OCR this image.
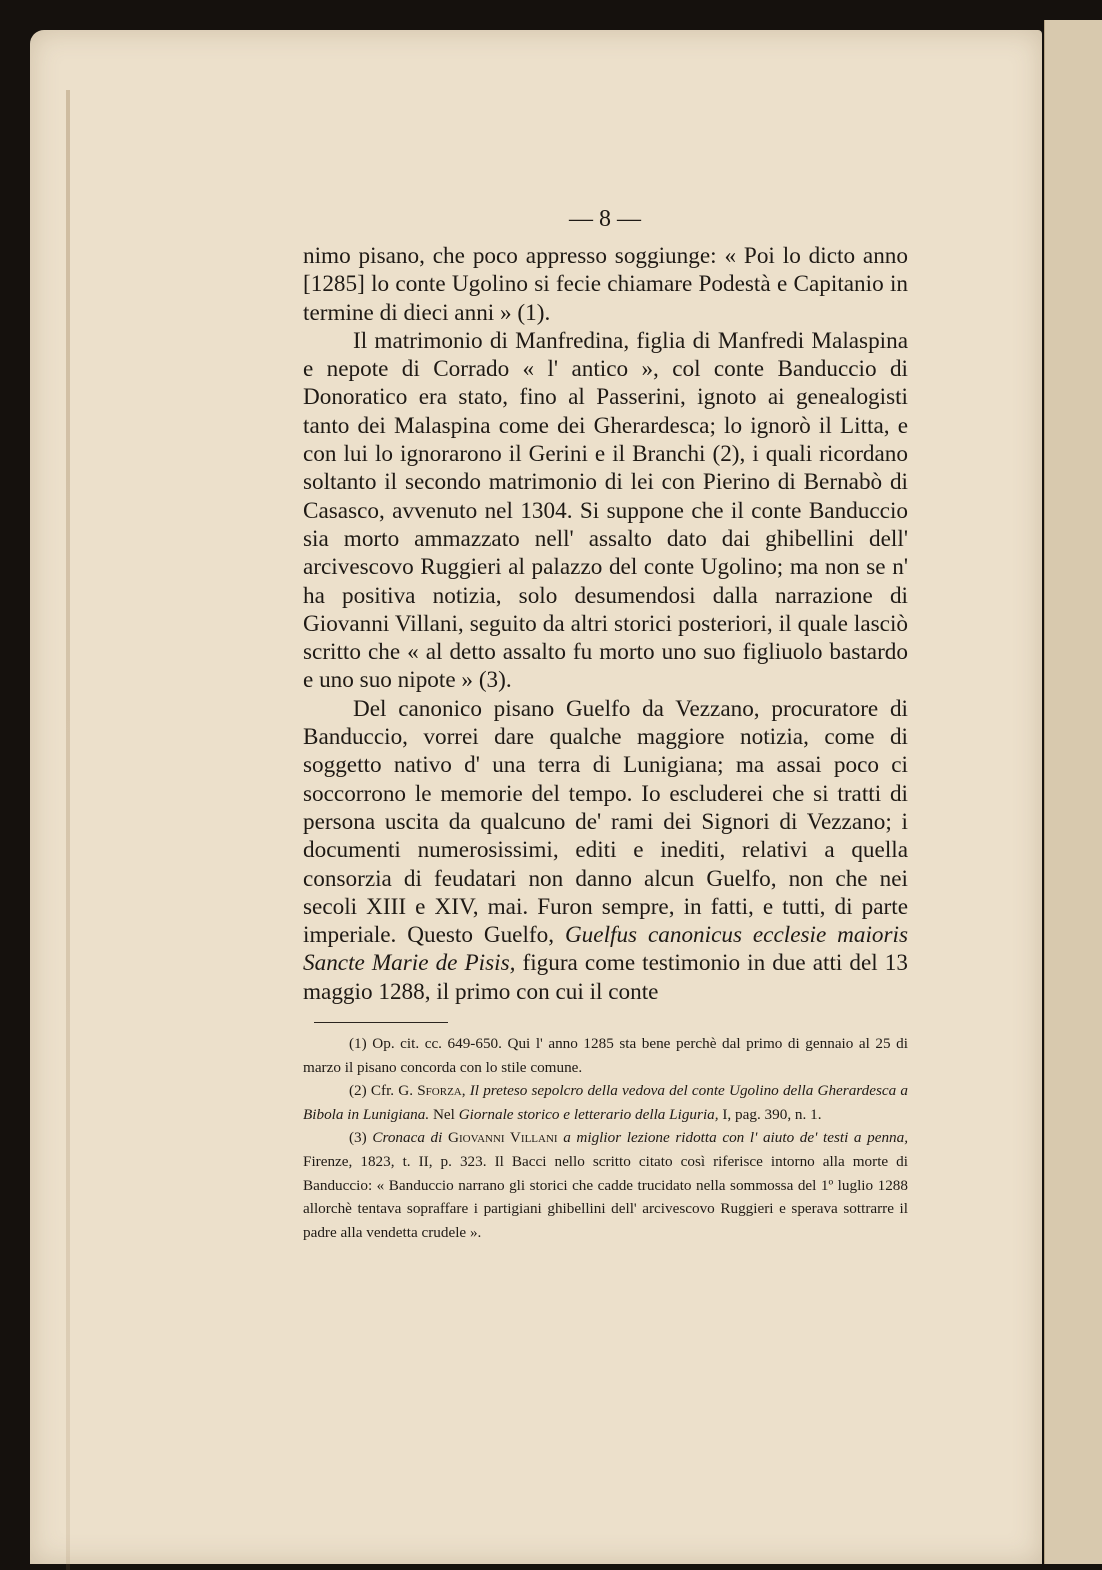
— 8 —

nimo pisano, che poco appresso soggiunge: « Poi lo dicto anno [1285] lo conte Ugolino si fecie chiamare Podestà e Capitanio in termine di dieci anni » (1).

Il matrimonio di Manfredina, figlia di Manfredi Malaspina e nepote di Corrado « l' antico », col conte Banduccio di Donoratico era stato, fino al Passerini, ignoto ai genealogisti tanto dei Malaspina come dei Gherardesca; lo ignorò il Litta, e con lui lo ignorarono il Gerini e il Branchi (2), i quali ricordano soltanto il secondo matrimonio di lei con Pierino di Bernabò di Casasco, avvenuto nel 1304. Si suppone che il conte Banduccio sia morto ammazzato nell' assalto dato dai ghibellini dell' arcivescovo Ruggieri al palazzo del conte Ugolino; ma non se n' ha positiva notizia, solo desumendosi dalla narrazione di Giovanni Villani, seguito da altri storici posteriori, il quale lasciò scritto che « al detto assalto fu morto uno suo figliuolo bastardo e uno suo nipote » (3).

Del canonico pisano Guelfo da Vezzano, procuratore di Banduccio, vorrei dare qualche maggiore notizia, come di soggetto nativo d' una terra di Lunigiana; ma assai poco ci soccorrono le memorie del tempo. Io escluderei che si tratti di persona uscita da qualcuno de' rami dei Signori di Vezzano; i documenti numerosissimi, editi e inediti, relativi a quella consorzia di feudatari non danno alcun Guelfo, non che nei secoli XIII e XIV, mai. Furon sempre, in fatti, e tutti, di parte imperiale. Questo Guelfo, Guelfus canonicus ecclesie maioris Sancte Marie de Pisis, figura come testimonio in due atti del 13 maggio 1288, il primo con cui il conte

(1) Op. cit. cc. 649-650. Qui l' anno 1285 sta bene perchè dal primo di gennaio al 25 di marzo il pisano concorda con lo stile comune.

(2) Cfr. G. Sforza, Il preteso sepolcro della vedova del conte Ugolino della Gherardesca a Bibola in Lunigiana. Nel Giornale storico e letterario della Liguria, I, pag. 390, n. 1.

(3) Cronaca di Giovanni Villani a miglior lezione ridotta con l' aiuto de' testi a penna, Firenze, 1823, t. II, p. 323. Il Bacci nello scritto citato così riferisce intorno alla morte di Banduccio: « Banduccio narrano gli storici che cadde trucidato nella sommossa del 1º luglio 1288 allorchè tentava sopraffare i partigiani ghibellini dell' arcivescovo Ruggieri e sperava sottrarre il padre alla vendetta crudele ».
